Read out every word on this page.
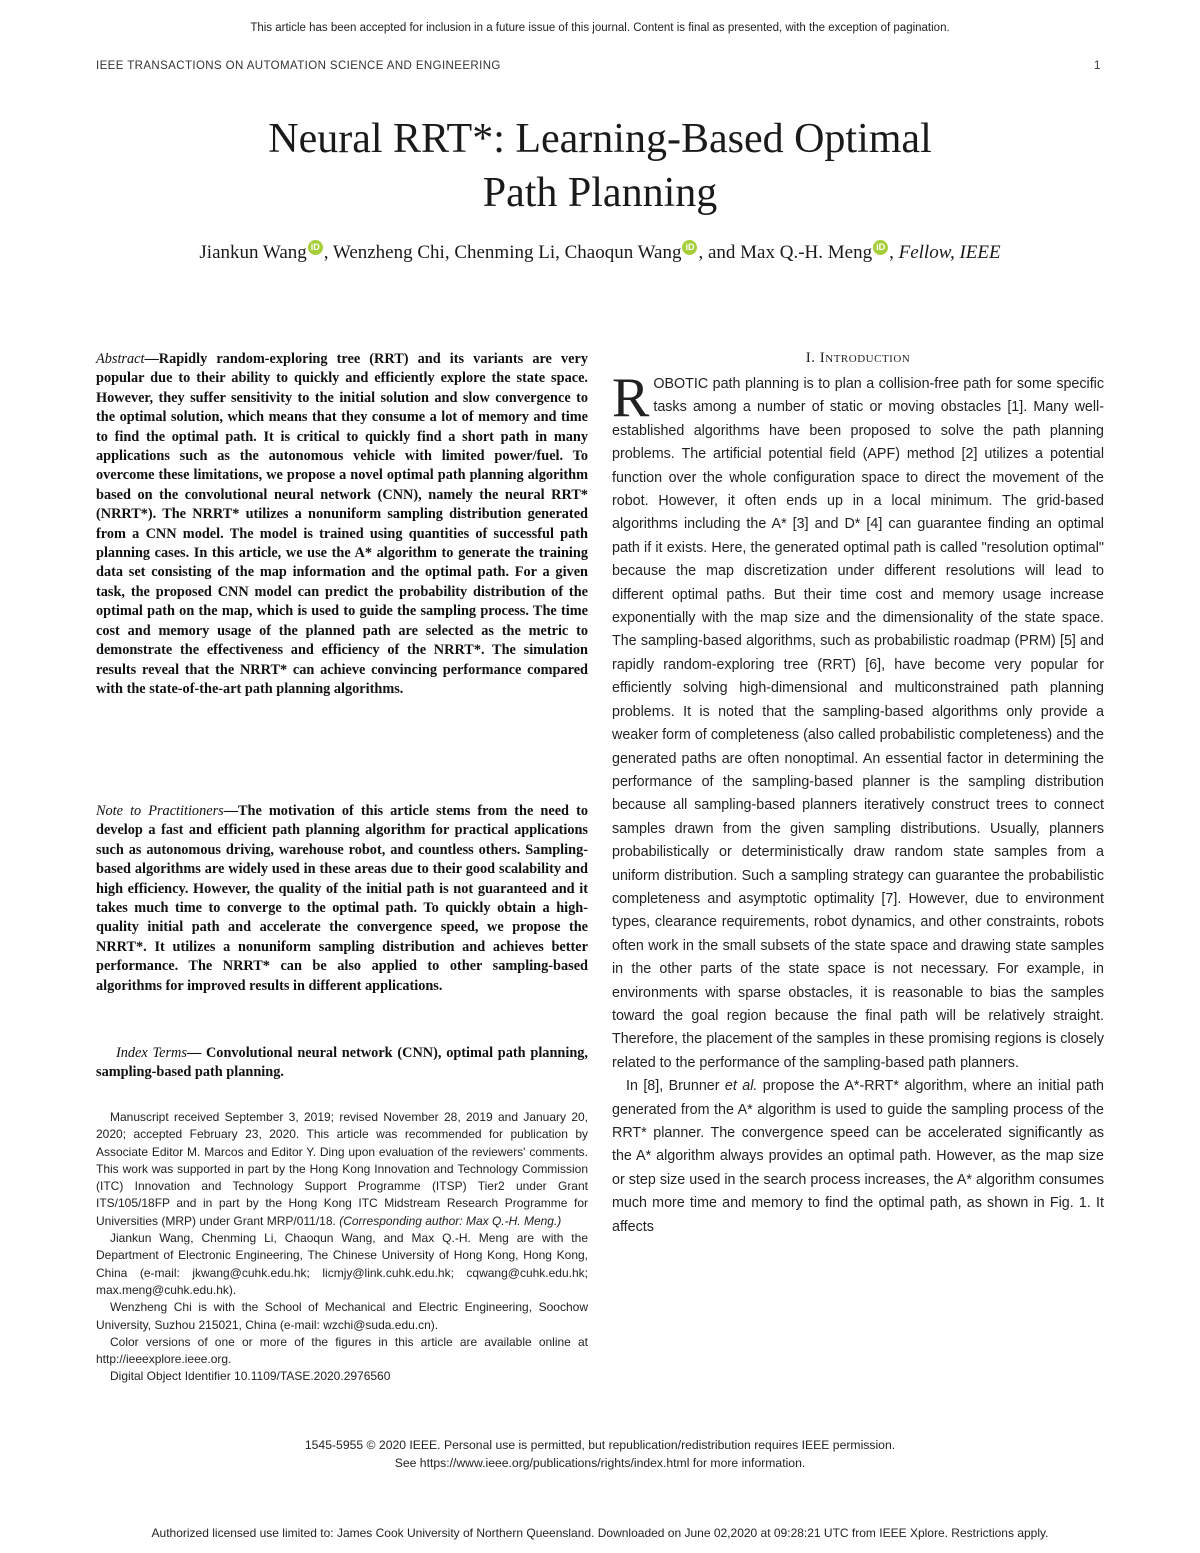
This article has been accepted for inclusion in a future issue of this journal. Content is final as presented, with the exception of pagination.
IEEE TRANSACTIONS ON AUTOMATION SCIENCE AND ENGINEERING	1
Neural RRT*: Learning-Based Optimal
Path Planning
Jiankun Wang iD , Wenzheng Chi, Chenming Li, Chaoqun Wang iD , and Max Q.-H. Meng iD , Fellow, IEEE
Abstract—Rapidly random-exploring tree (RRT) and its variants are very popular due to their ability to quickly and efficiently explore the state space. However, they suffer sensitivity to the initial solution and slow convergence to the optimal solution, which means that they consume a lot of memory and time to find the optimal path. It is critical to quickly find a short path in many applications such as the autonomous vehicle with limited power/fuel. To overcome these limitations, we propose a novel optimal path planning algorithm based on the convolutional neural network (CNN), namely the neural RRT* (NRRT*). The NRRT* utilizes a nonuniform sampling distribution generated from a CNN model. The model is trained using quantities of successful path planning cases. In this article, we use the A* algorithm to generate the training data set consisting of the map information and the optimal path. For a given task, the proposed CNN model can predict the probability distribution of the optimal path on the map, which is used to guide the sampling process. The time cost and memory usage of the planned path are selected as the metric to demonstrate the effectiveness and efficiency of the NRRT*. The simulation results reveal that the NRRT* can achieve convincing performance compared with the state-of-the-art path planning algorithms.
Note to Practitioners—The motivation of this article stems from the need to develop a fast and efficient path planning algorithm for practical applications such as autonomous driving, warehouse robot, and countless others. Sampling-based algorithms are widely used in these areas due to their good scalability and high efficiency. However, the quality of the initial path is not guaranteed and it takes much time to converge to the optimal path. To quickly obtain a high-quality initial path and accelerate the convergence speed, we propose the NRRT*. It utilizes a nonuniform sampling distribution and achieves better performance. The NRRT* can be also applied to other sampling-based algorithms for improved results in different applications.
Index Terms— Convolutional neural network (CNN), optimal path planning, sampling-based path planning.

Manuscript received September 3, 2019; revised November 28, 2019 and January 20, 2020; accepted February 23, 2020. This article was recommended for publication by Associate Editor M. Marcos and Editor Y. Ding upon evaluation of the reviewers' comments. This work was supported in part by the Hong Kong Innovation and Technology Commission (ITC) Innovation and Technology Support Programme (ITSP) Tier2 under Grant ITS/105/18FP and in part by the Hong Kong ITC Midstream Research Programme for Universities (MRP) under Grant MRP/011/18. (Corresponding author: Max Q.-H. Meng.)

Jiankun Wang, Chenming Li, Chaoqun Wang, and Max Q.-H. Meng are with the Department of Electronic Engineering, The Chinese University of Hong Kong, Hong Kong, China (e-mail: jkwang@cuhk.edu.hk; licmjy@link.cuhk.edu.hk; cqwang@cuhk.edu.hk; max.meng@cuhk.edu.hk).

Wenzheng Chi is with the School of Mechanical and Electric Engineering, Soochow University, Suzhou 215021, China (e-mail: wzchi@suda.edu.cn).

Color versions of one or more of the figures in this article are available online at http://ieeexplore.ieee.org.

Digital Object Identifier 10.1109/TASE.2020.2976560

I. Introduction

ROBOTIC path planning is to plan a collision-free path for some specific tasks among a number of static or moving obstacles [1]. Many well-established algorithms have been proposed to solve the path planning problems. The artificial potential field (APF) method [2] utilizes a potential function over the whole configuration space to direct the movement of the robot. However, it often ends up in a local minimum. The grid-based algorithms including the A* [3] and D* [4] can guarantee finding an optimal path if it exists. Here, the generated optimal path is called "resolution optimal" because the map discretization under different resolutions will lead to different optimal paths. But their time cost and memory usage increase exponentially with the map size and the dimensionality of the state space. The sampling-based algorithms, such as probabilistic roadmap (PRM) [5] and rapidly random-exploring tree (RRT) [6], have become very popular for efficiently solving high-dimensional and multiconstrained path planning problems. It is noted that the sampling-based algorithms only provide a weaker form of completeness (also called probabilistic completeness) and the generated paths are often nonoptimal. An essential factor in determining the performance of the sampling-based planner is the sampling distribution because all sampling-based planners iteratively construct trees to connect samples drawn from the given sampling distributions. Usually, planners probabilistically or deterministically draw random state samples from a uniform distribution. Such a sampling strategy can guarantee the probabilistic completeness and asymptotic optimality [7]. However, due to environment types, clearance requirements, robot dynamics, and other constraints, robots often work in the small subsets of the state space and drawing state samples in the other parts of the state space is not necessary. For example, in environments with sparse obstacles, it is reasonable to bias the samples toward the goal region because the final path will be relatively straight. Therefore, the placement of the samples in these promising regions is closely related to the performance of the sampling-based path planners.

In [8], Brunner et al. propose the A*-RRT* algorithm, where an initial path generated from the A* algorithm is used to guide the sampling process of the RRT* planner. The convergence speed can be accelerated significantly as the A* algorithm always provides an optimal path. However, as the map size or step size used in the search process increases, the A* algorithm consumes much more time and memory to find the optimal path, as shown in Fig. 1. It affects

1545-5955 © 2020 IEEE. Personal use is permitted, but republication/redistribution requires IEEE permission.
See https://www.ieee.org/publications/rights/index.html for more information.
Authorized licensed use limited to: James Cook University of Northern Queensland. Downloaded on June 02,2020 at 09:28:21 UTC from IEEE Xplore. Restrictions apply.
